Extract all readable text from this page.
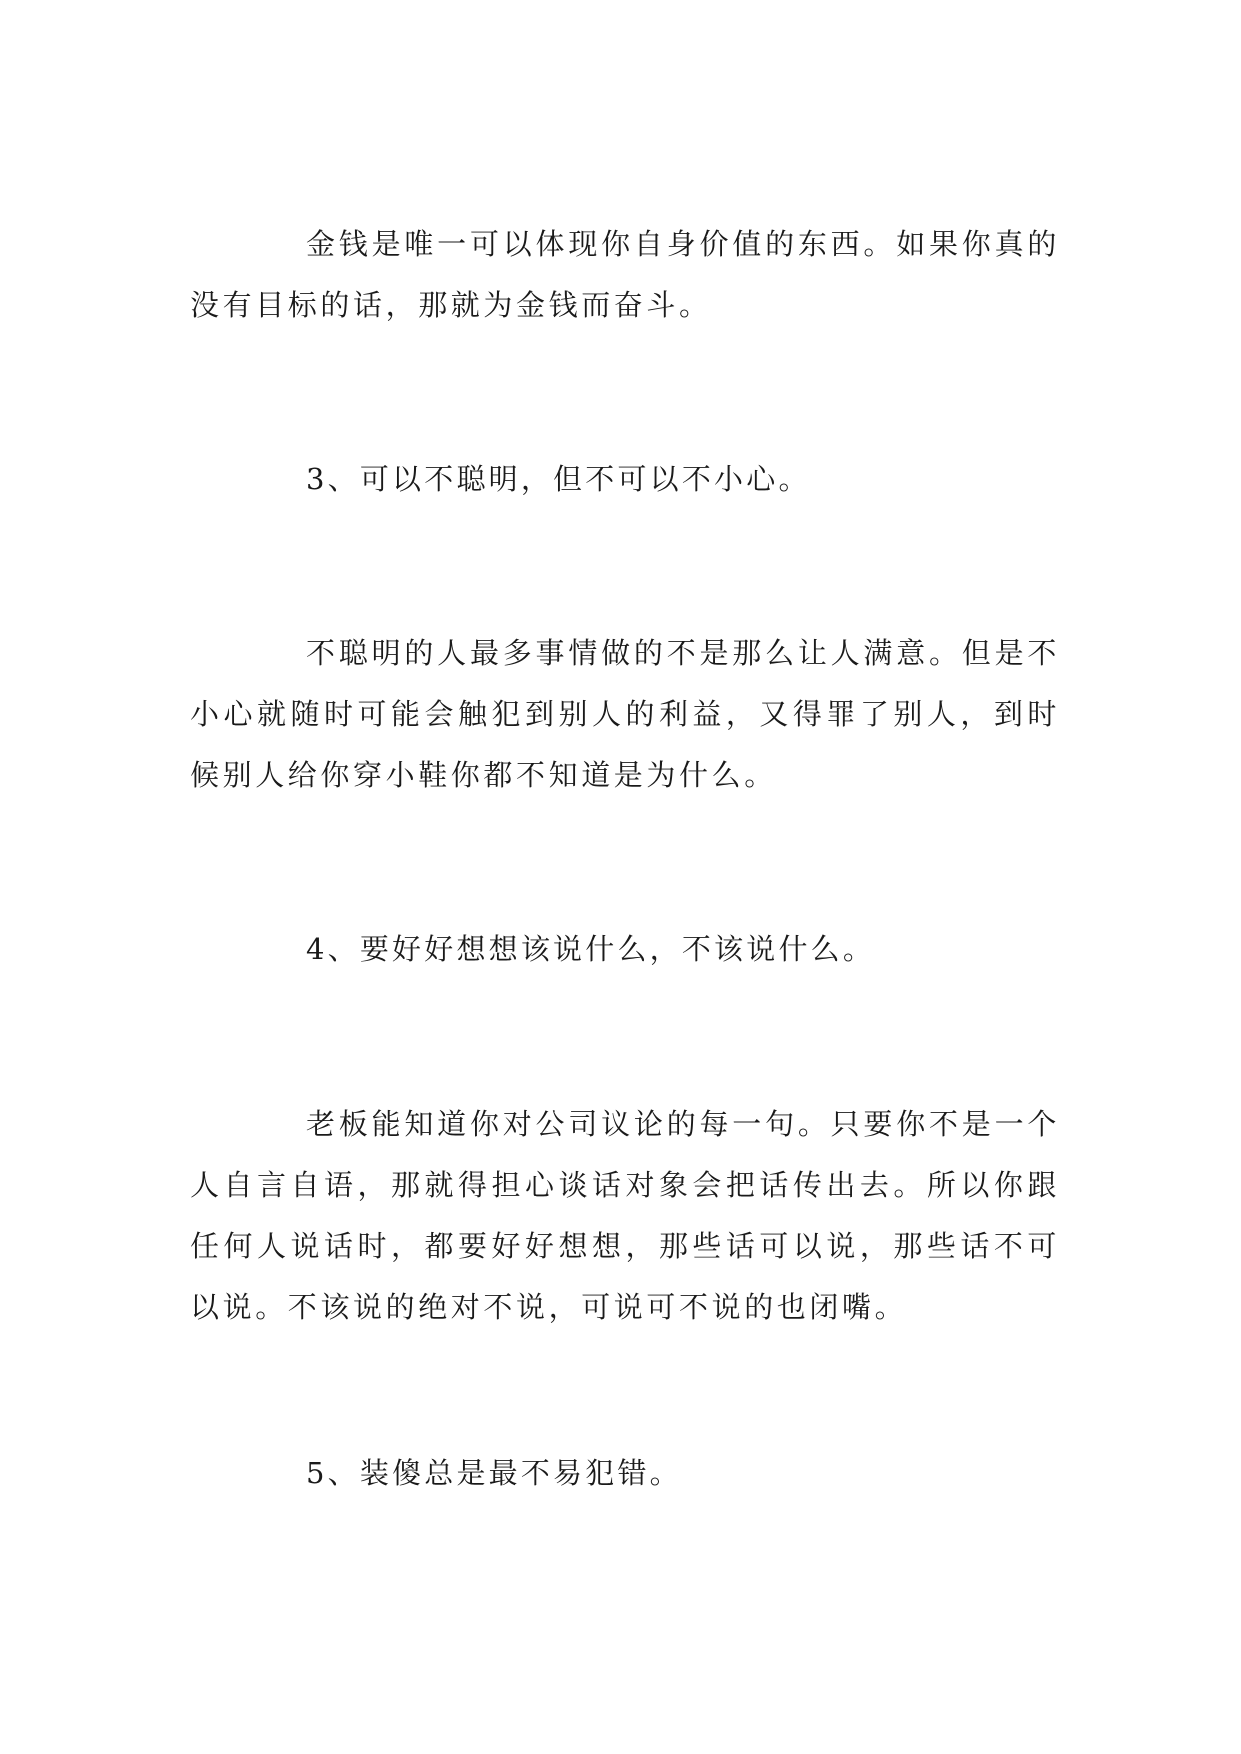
金钱是唯一可以体现你自身价值的东西。如果你真的没有目标的话，那就为金钱而奋斗。

3、可以不聪明，但不可以不小心。

不聪明的人最多事情做的不是那么让人满意。但是不小心就随时可能会触犯到别人的利益，又得罪了别人，到时候别人给你穿小鞋你都不知道是为什么。

4、要好好想想该说什么，不该说什么。

老板能知道你对公司议论的每一句。只要你不是一个人自言自语，那就得担心谈话对象会把话传出去。所以你跟任何人说话时，都要好好想想，那些话可以说，那些话不可以说。不该说的绝对不说，可说可不说的也闭嘴。

5、装傻总是最不易犯错。
